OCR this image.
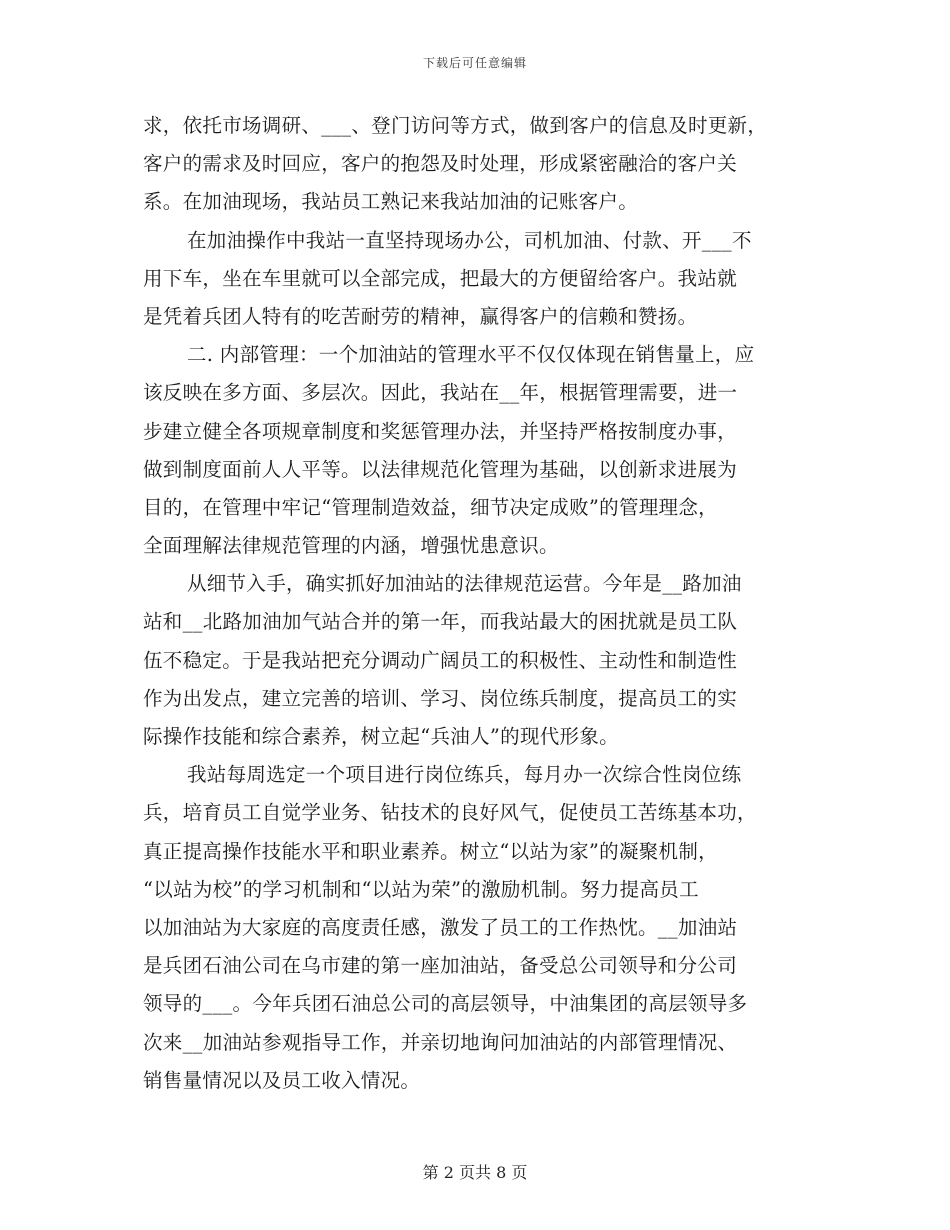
下载后可任意编辑
求，依托市场调研、___、登门访问等方式，做到客户的信息及时更新，
客户的需求及时回应，客户的抱怨及时处理，形成紧密融洽的客户关
系。在加油现场，我站员工熟记来我站加油的记账客户。
在加油操作中我站一直坚持现场办公，司机加油、付款、开___不
用下车，坐在车里就可以全部完成，把最大的方便留给客户。我站就
是凭着兵团人特有的吃苦耐劳的精神，赢得客户的信赖和赞扬。
二. 内部管理：一个加油站的管理水平不仅仅体现在销售量上，应
该反映在多方面、多层次。因此，我站在__年，根据管理需要，进一
步建立健全各项规章制度和奖惩管理办法，并坚持严格按制度办事，
做到制度面前人人平等。以法律规范化管理为基础，以创新求进展为
目的，在管理中牢记“管理制造效益，细节决定成败”的管理理念，
全面理解法律规范管理的内涵，增强忧患意识。
从细节入手，确实抓好加油站的法律规范运营。今年是__路加油
站和__北路加油加气站合并的第一年，而我站最大的困扰就是员工队
伍不稳定。于是我站把充分调动广阔员工的积极性、主动性和制造性
作为出发点，建立完善的培训、学习、岗位练兵制度，提高员工的实
际操作技能和综合素养，树立起“兵油人”的现代形象。
我站每周选定一个项目进行岗位练兵，每月办一次综合性岗位练
兵，培育员工自觉学业务、钻技术的良好风气，促使员工苦练基本功，
真正提高操作技能水平和职业素养。树立“以站为家”的凝聚机制，
“以站为校”的学习机制和“以站为荣”的激励机制。努力提高员工
以加油站为大家庭的高度责任感，激发了员工的工作热忱。__加油站
是兵团石油公司在乌市建的第一座加油站，备受总公司领导和分公司
领导的___。今年兵团石油总公司的高层领导，中油集团的高层领导多
次来__加油站参观指导工作，并亲切地询问加油站的内部管理情况、
销售量情况以及员工收入情况。
第 2 页共 8 页
